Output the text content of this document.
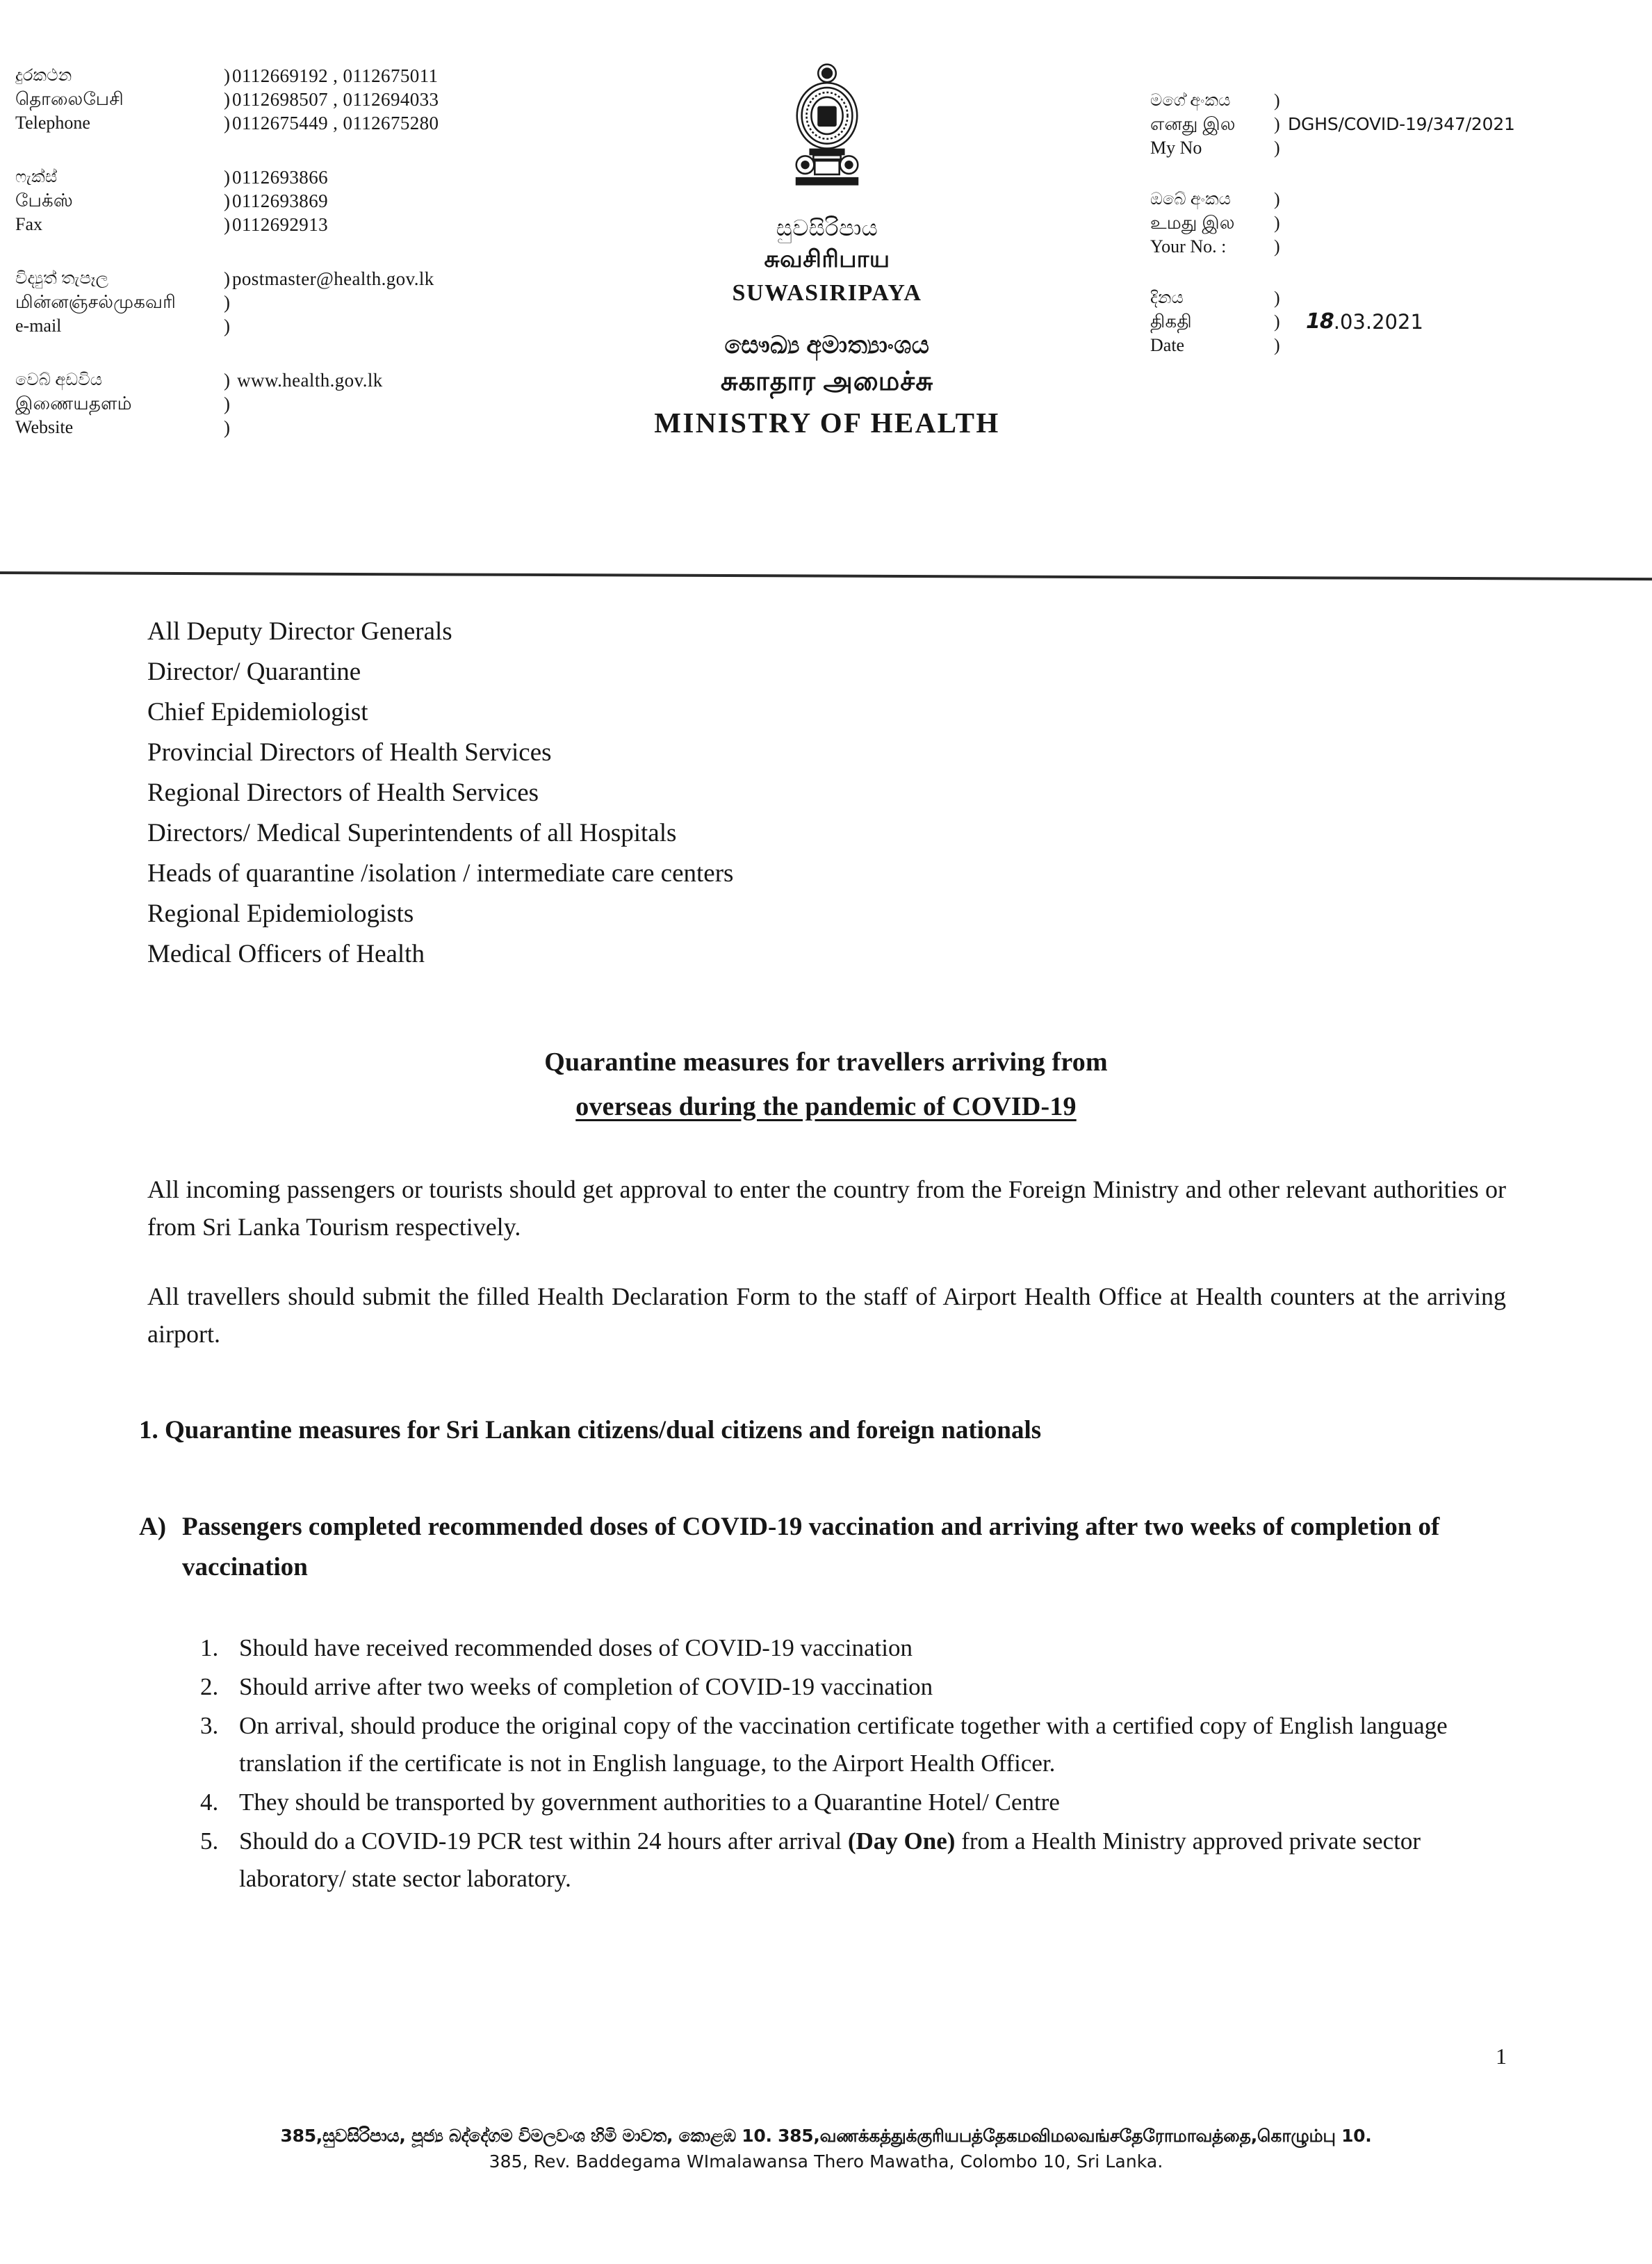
දුරකථන
தொலைபேசி
Telephone
)0112669192 , 0112675011
)0112698507 , 0112694033
)0112675449 , 0112675280
ෆැක්ස්
பேக்ஸ்
Fax
)0112693866
)0112693869
)0112692913
විද්‍යුත් තැපෑල
மின்னஞ்சல்முகவரி
e-mail
)postmaster@health.gov.lk
)
)
වෙබ් අඩවිය
இணையதளம்
Website
) www.health.gov.lk
)
)
සුවසිරිපාය
சுவசிரிபாய
SUWASIRIPAYA
සෞඛ්‍ය අමාත්‍යාංශය
சுகாதார அமைச்சு
MINISTRY OF HEALTH
මගේ අංකය
எனது இல
My No
)
) DGHS/COVID-19/347/2021
)
ඔබේ අංකය
உமது இல
Your No. :
)
)
)
දිනය
திகதி
Date
)
)	18 .03.2021
)
All Deputy Director Generals
Director/ Quarantine
Chief Epidemiologist
Provincial Directors of Health Services
Regional Directors of Health Services
Directors/ Medical Superintendents of all Hospitals
Heads of quarantine /isolation / intermediate care centers
Regional Epidemiologists
Medical Officers of Health
Quarantine measures for travellers arriving from
overseas during the pandemic of COVID-19
All incoming passengers or tourists should get approval to enter the country from the Foreign Ministry and other relevant authorities or from Sri Lanka Tourism respectively.
All travellers should submit the filled Health Declaration Form to the staff of Airport Health Office at Health counters at the arriving airport.
1. Quarantine measures for Sri Lankan citizens/dual citizens and foreign nationals
A) Passengers completed recommended doses of COVID-19 vaccination and arriving after two weeks of completion of vaccination
1. Should have received recommended doses of COVID-19 vaccination
2. Should arrive after two weeks of completion of COVID-19 vaccination
3. On arrival, should produce the original copy of the vaccination certificate together with a certified copy of English language translation if the certificate is not in English language, to the Airport Health Officer.
4. They should be transported by government authorities to a Quarantine Hotel/ Centre
5. Should do a COVID-19 PCR test within 24 hours after arrival (Day One) from a Health Ministry approved private sector laboratory/ state sector laboratory.
1
385,සුවසිරිපාය, පූජ්‍ය බද්දේගම විමලවංශ හිමි මාවත, කොළඹ 10. 385,வணக்கத்துக்குரியபத்தேகமவிமலவங்சதேரோமாவத்தை,கொழும்பு 10.
385, Rev. Baddegama WImalawansa Thero Mawatha, Colombo 10, Sri Lanka.
